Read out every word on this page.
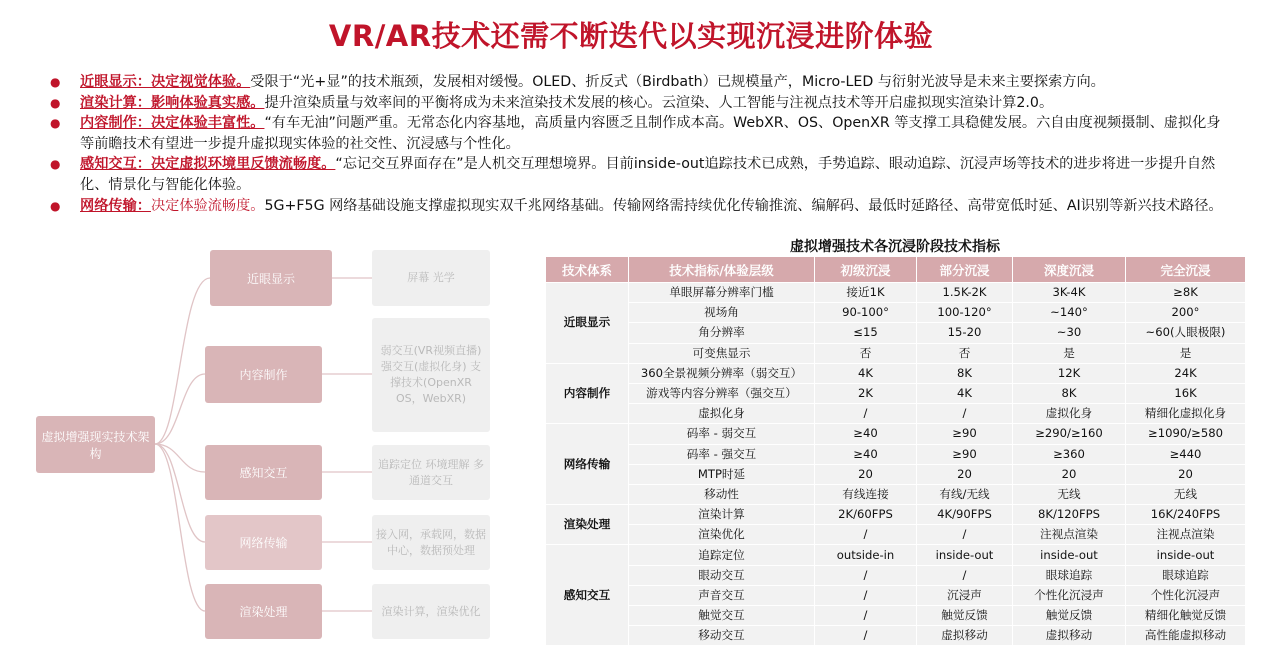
VR/AR技术还需不断迭代以实现沉浸进阶体验
● 近眼显示：决定视觉体验。受限于“光+显”的技术瓶颈，发展相对缓慢。OLED、折反式（Birdbath）已规模量产，Micro-LED 与衍射光波导是未来主要探索方向。
● 渲染计算：影响体验真实感。提升渲染质量与效率间的平衡将成为未来渲染技术发展的核心。云渲染、人工智能与注视点技术等开启虚拟现实渲染计算2.0。
● 内容制作：决定体验丰富性。“有车无油”问题严重。无常态化内容基地，高质量内容匮乏且制作成本高。WebXR、OS、OpenXR 等支撑工具稳健发展。六自由度视频摄制、虚拟化身等前瞻技术有望进一步提升虚拟现实体验的社交性、沉浸感与个性化。
● 感知交互：决定虚拟环境里反馈流畅度。“忘记交互界面存在”是人机交互理想境界。目前inside-out追踪技术已成熟，手势追踪、眼动追踪、沉浸声场等技术的进步将进一步提升自然化、情景化与智能化体验。
● 网络传输：决定体验流畅度。5G+F5G 网络基础设施支撑虚拟现实双千兆网络基础。传输网络需持续优化传输推流、编解码、最低时延路径、高带宽低时延、AI识别等新兴技术路径。
虚拟增强现实技术架构
近眼显示
内容制作
感知交互
网络传输
渲染处理
屏幕 光学
弱交互(VR视频直播) 强交互(虚拟化身) 支撑技术(OpenXR OS，WebXR)
追踪定位 环境理解 多通道交互
接入网，承载网，数据中心，数据预处理
渲染计算，渲染优化
虚拟增强技术各沉浸阶段技术指标
技术体系	技术指标/体验层级	初级沉浸	部分沉浸	深度沉浸	完全沉浸
近眼显示	单眼屏幕分辨率门槛	接近1K	1.5K-2K	3K-4K	≥8K
	视场角	90-100°	100-120°	~140°	200°
	角分辨率	≤15	15-20	~30	~60(人眼极限)
	可变焦显示	否	否	是	是
内容制作	360全景视频分辨率（弱交互）	4K	8K	12K	24K
	游戏等内容分辨率（强交互）	2K	4K	8K	16K
	虚拟化身	/	/	虚拟化身	精细化虚拟化身
网络传输	码率 - 弱交互	≥40	≥90	≥290/≥160	≥1090/≥580
	码率 - 强交互	≥40	≥90	≥360	≥440
	MTP时延	20	20	20	20
	移动性	有线连接	有线/无线	无线	无线
渲染处理	渲染计算	2K/60FPS	4K/90FPS	8K/120FPS	16K/240FPS
	渲染优化	/	/	注视点渲染	注视点渲染
感知交互	追踪定位	outside-in	inside-out	inside-out	inside-out
	眼动交互	/	/	眼球追踪	眼球追踪
	声音交互	/	沉浸声	个性化沉浸声	个性化沉浸声
	触觉交互	/	触觉反馈	触觉反馈	精细化触觉反馈
	移动交互	/	虚拟移动	虚拟移动	高性能虚拟移动
